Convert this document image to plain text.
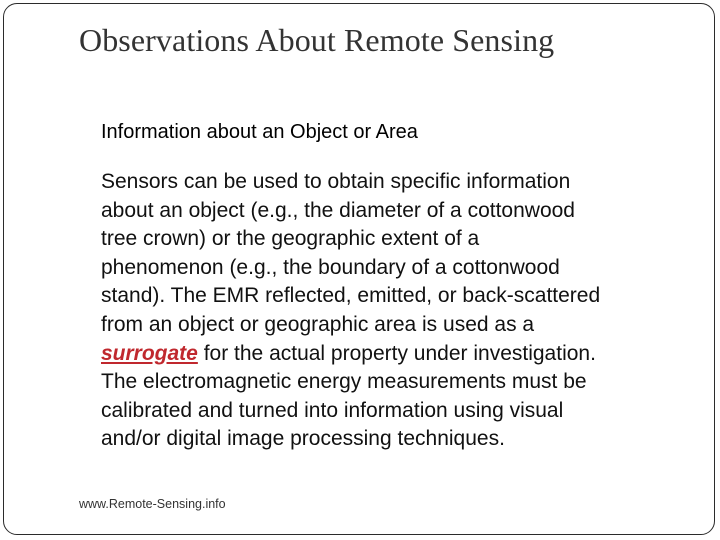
Observations About Remote Sensing
Information about an Object or Area
Sensors can be used to obtain specific information
about an object (e.g., the diameter of a cottonwood
tree crown) or the geographic extent of a
phenomenon (e.g., the boundary of a cottonwood
stand). The EMR reflected, emitted, or back-scattered
from an object or geographic area is used as a
surrogate for the actual property under investigation.
The electromagnetic energy measurements must be
calibrated and turned into information using visual
and/or digital image processing techniques.
www.Remote-Sensing.info
